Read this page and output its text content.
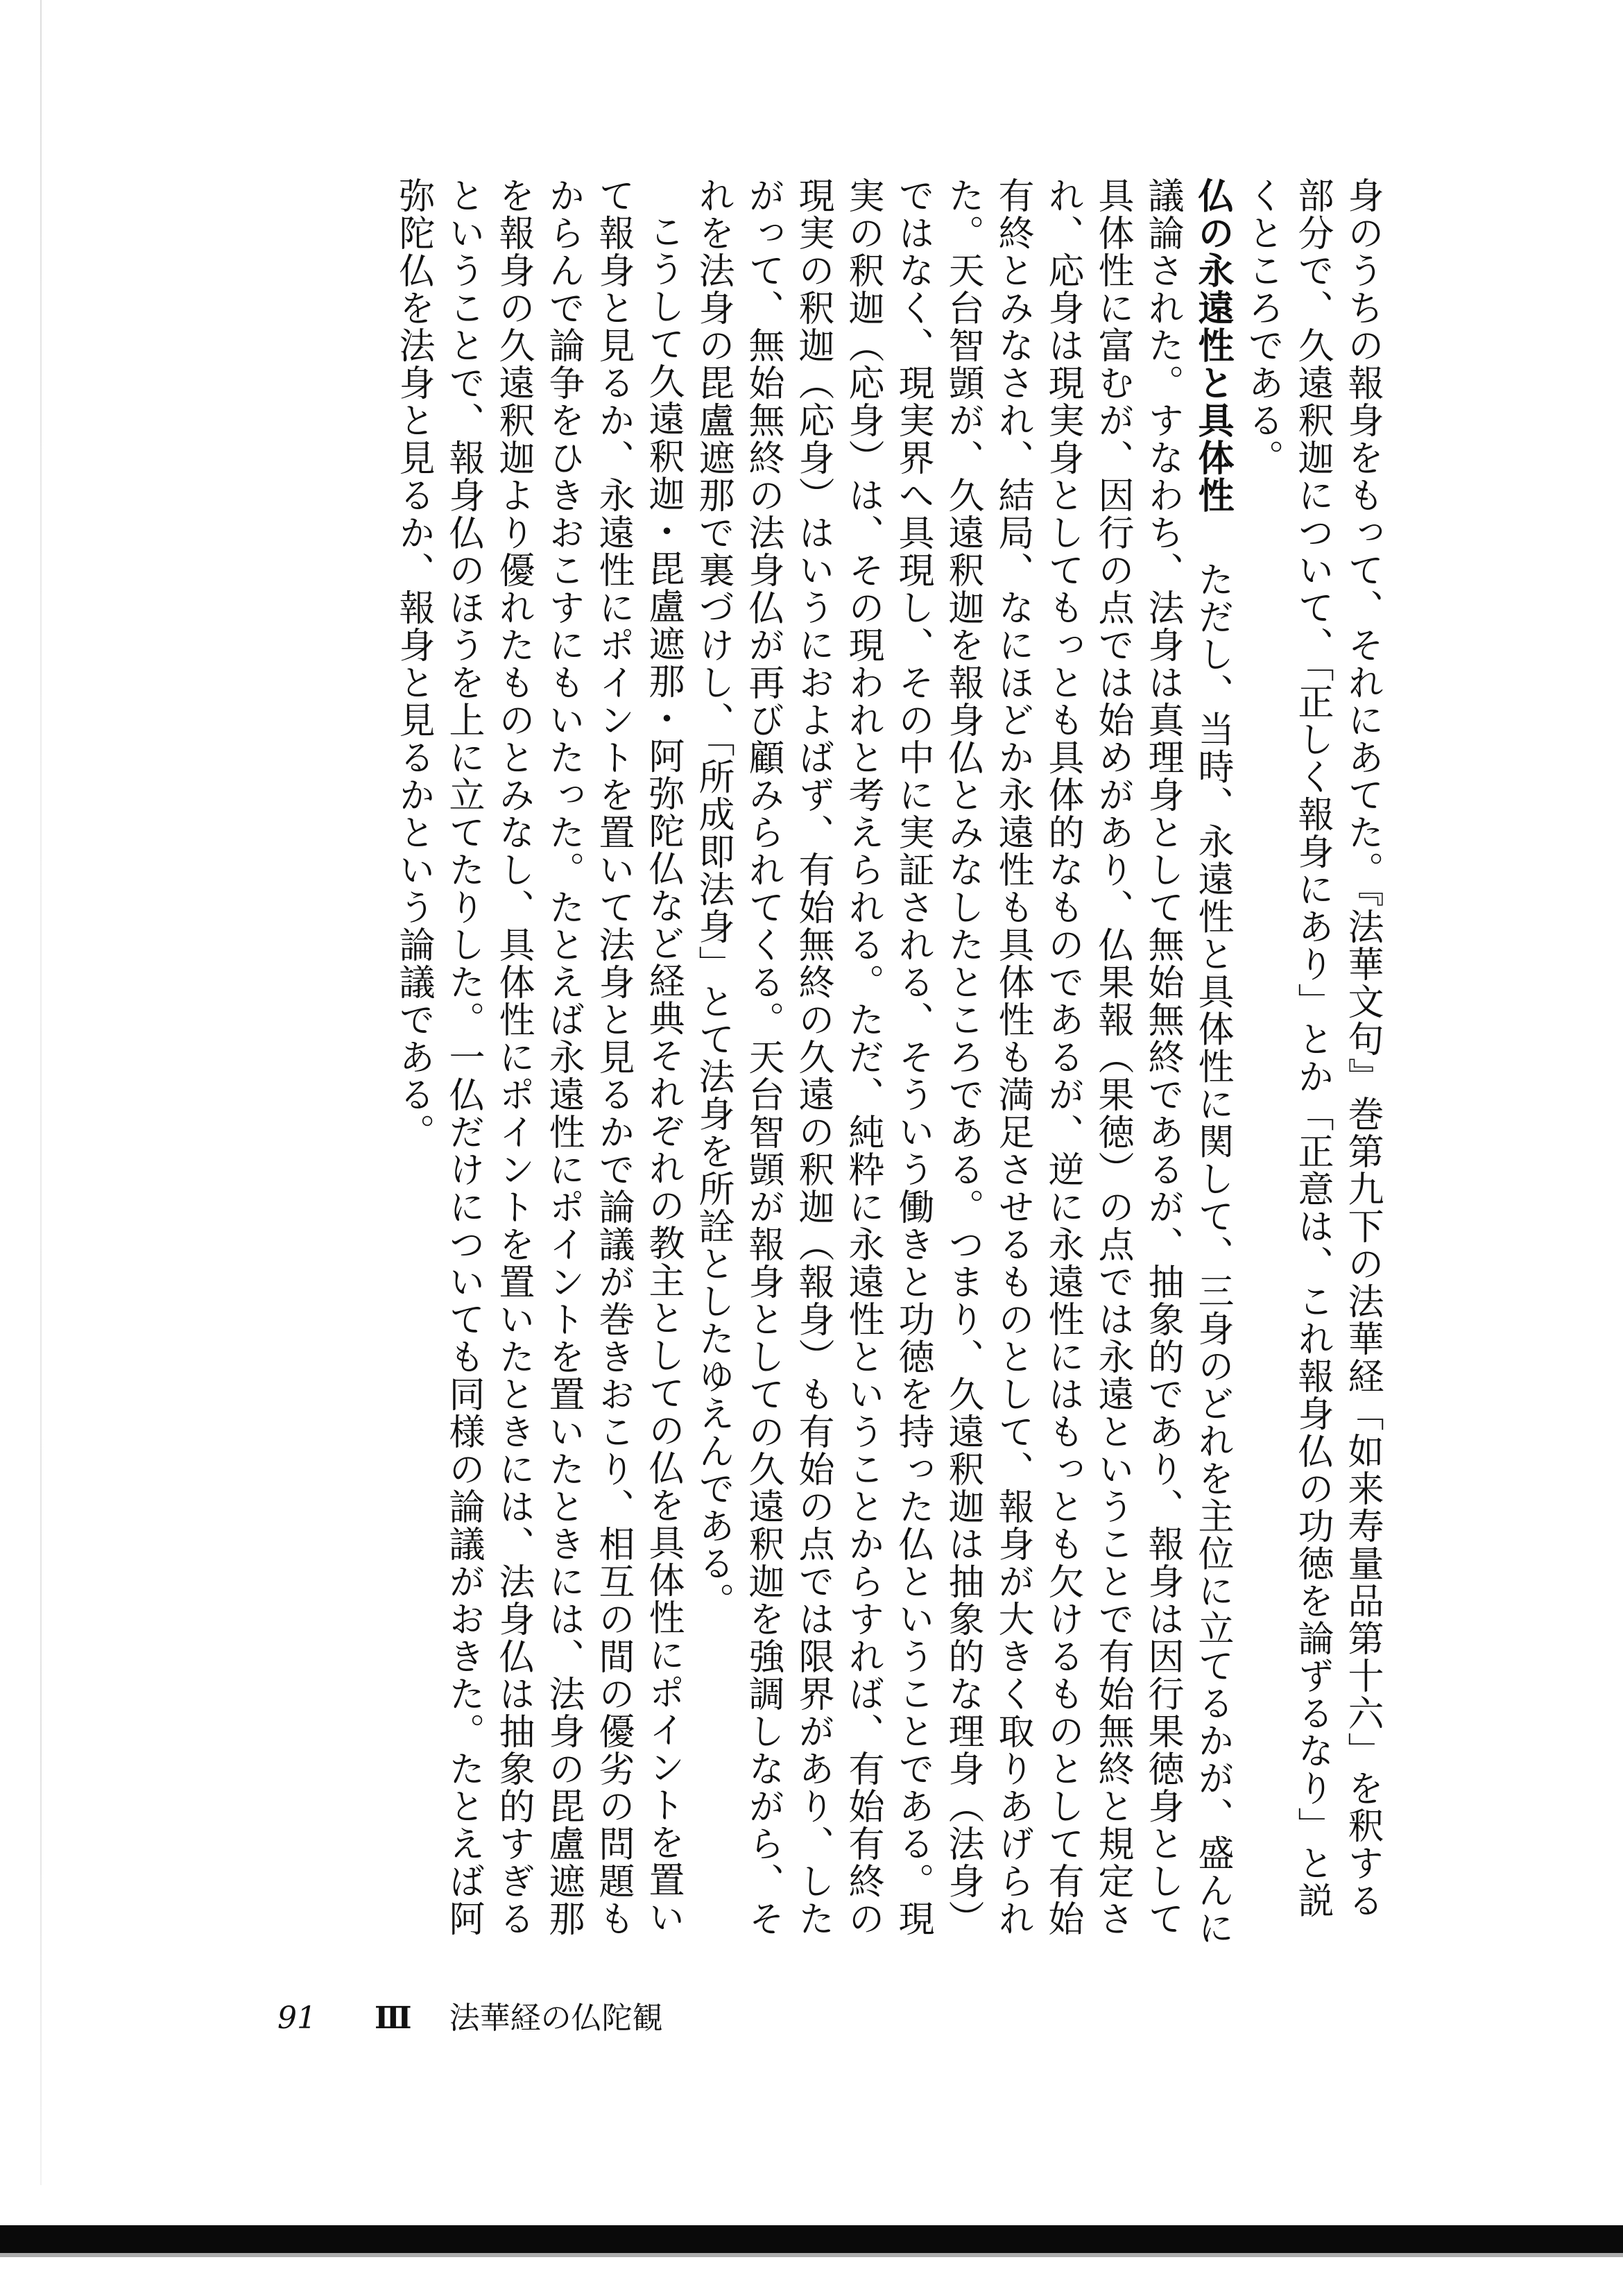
身のうちの報身をもって、それにあてた。『法華文句』巻第九下の法華経「如来寿量品第十六」を釈する部分で、久遠釈迦について、「正しく報身にあり」とか「正意は、これ報身仏の功徳を論ずるなり」と説くところである。

仏の永遠性と具体性ただし、当時、永遠性と具体性に関して、三身のどれを主位に立てるかが、盛んに議論された。すなわち、法身は真理身として無始無終であるが、抽象的であり、報身は因行果徳身として具体性に富むが、因行の点では始めがあり、仏果報（果徳）の点では永遠ということで有始無終と規定され、応身は現実身としてもっとも具体的なものであるが、逆に永遠性にはもっとも欠けるものとして有始有終とみなされ、結局、なにほどか永遠性も具体性も満足させるものとして、報身が大きく取りあげられた。天台智顗が、久遠釈迦を報身仏とみなしたところである。つまり、久遠釈迦は抽象的な理身（法身）ではなく、現実界へ具現し、その中に実証される、そういう働きと功徳を持った仏ということである。現実の釈迦（応身）は、その現われと考えられる。ただ、純粋に永遠性ということからすれば、有始有終の現実の釈迦（応身）はいうにおよばず、有始無終の久遠の釈迦（報身）も有始の点では限界があり、したがって、無始無終の法身仏が再び顧みられてくる。天台智顗が報身としての久遠釈迦を強調しながら、それを法身の毘盧遮那で裏づけし、「所成即法身」とて法身を所詮としたゆえんである。

こうして久遠釈迦・毘盧遮那・阿弥陀仏など経典それぞれの教主としての仏を具体性にポイントを置いて報身と見るか、永遠性にポイントを置いて法身と見るかで論議が巻きおこり、相互の間の優劣の問題もからんで論争をひきおこすにもいたった。たとえば永遠性にポイントを置いたときには、法身の毘盧遮那を報身の久遠釈迦より優れたものとみなし、具体性にポイントを置いたときには、法身仏は抽象的すぎるということで、報身仏のほうを上に立てたりした。一仏だけについても同様の論議がおきた。たとえば阿弥陀仏を法身と見るか、報身と見るかという論議である。

91 Ⅲ 法華経の仏陀観
